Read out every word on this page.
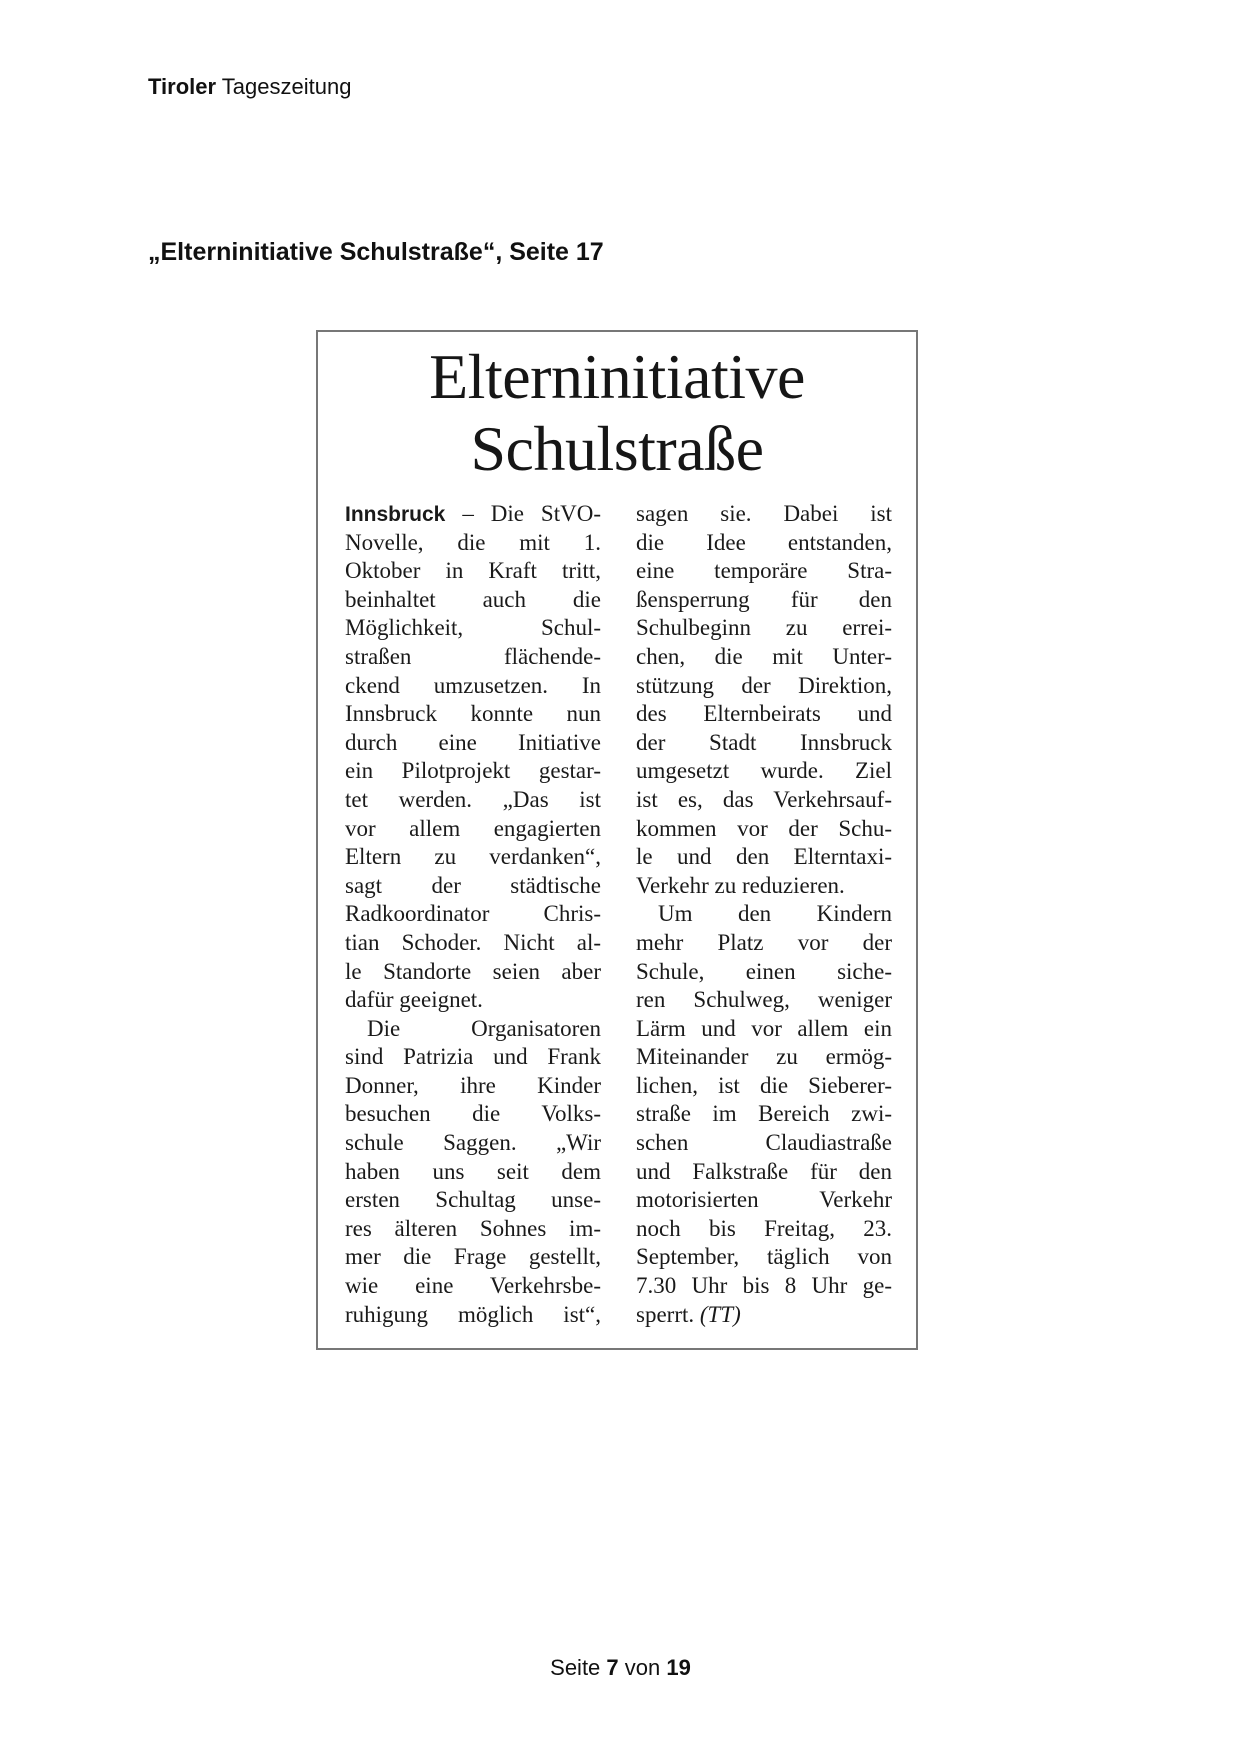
Tiroler Tageszeitung
„Elterninitiative Schulstraße“, Seite 17
Elterninitiative
Schulstraße
Innsbruck – Die StVO-
Novelle, die mit 1.
Oktober in Kraft tritt,
beinhaltet auch die
Möglichkeit, Schul-
straßen flächende-
ckend umzusetzen. In
Innsbruck konnte nun
durch eine Initiative
ein Pilotprojekt gestar-
tet werden. „Das ist
vor allem engagierten
Eltern zu verdanken“,
sagt der städtische
Radkoordinator Chris-
tian Schoder. Nicht al-
le Standorte seien aber
dafür geeignet.
Die Organisatoren
sind Patrizia und Frank
Donner, ihre Kinder
besuchen die Volks-
schule Saggen. „Wir
haben uns seit dem
ersten Schultag unse-
res älteren Sohnes im-
mer die Frage gestellt,
wie eine Verkehrsbe-
ruhigung möglich ist“,
sagen sie. Dabei ist
die Idee entstanden,
eine temporäre Stra-
ßensperrung für den
Schulbeginn zu errei-
chen, die mit Unter-
stützung der Direktion,
des Elternbeirats und
der Stadt Innsbruck
umgesetzt wurde. Ziel
ist es, das Verkehrsauf-
kommen vor der Schu-
le und den Elterntaxi-
Verkehr zu reduzieren.
Um den Kindern
mehr Platz vor der
Schule, einen siche-
ren Schulweg, weniger
Lärm und vor allem ein
Miteinander zu ermög-
lichen, ist die Sieberer-
straße im Bereich zwi-
schen Claudiastraße
und Falkstraße für den
motorisierten Verkehr
noch bis Freitag, 23.
September, täglich von
7.30 Uhr bis 8 Uhr ge-
sperrt. (TT)
Seite 7 von 19
